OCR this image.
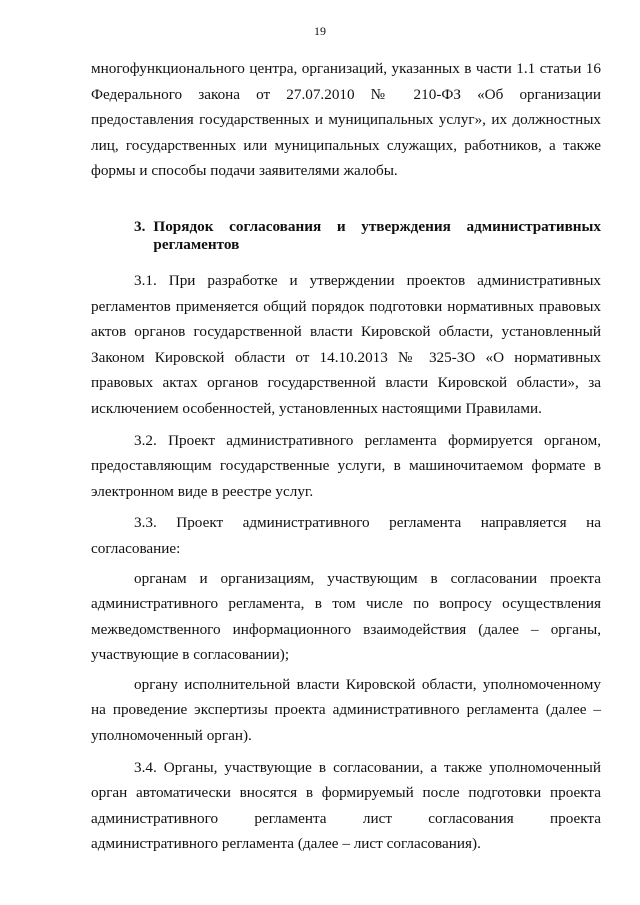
19

многофункционального центра, организаций, указанных в части 1.1 статьи 16 Федерального закона от 27.07.2010 № 210-ФЗ «Об организации предоставления государственных и муниципальных услуг», их должностных лиц, государственных или муниципальных служащих, работников, а также формы и способы подачи заявителями жалобы.

3. Порядок согласования и утверждения административных регламентов

3.1. При разработке и утверждении проектов административных регламентов применяется общий порядок подготовки нормативных правовых актов органов государственной власти Кировской области, установленный Законом Кировской области от 14.10.2013 № 325-ЗО «О нормативных правовых актах органов государственной власти Кировской области», за исключением особенностей, установленных настоящими Правилами.

3.2. Проект административного регламента формируется органом, предоставляющим государственные услуги, в машиночитаемом формате в электронном виде в реестре услуг.

3.3. Проект административного регламента направляется на согласование:

органам и организациям, участвующим в согласовании проекта административного регламента, в том числе по вопросу осуществления межведомственного информационного взаимодействия (далее – органы, участвующие в согласовании);

органу исполнительной власти Кировской области, уполномоченному на проведение экспертизы проекта административного регламента (далее – уполномоченный орган).

3.4. Органы, участвующие в согласовании, а также уполномоченный орган автоматически вносятся в формируемый после подготовки проекта административного регламента лист согласования проекта административного регламента (далее – лист согласования).
